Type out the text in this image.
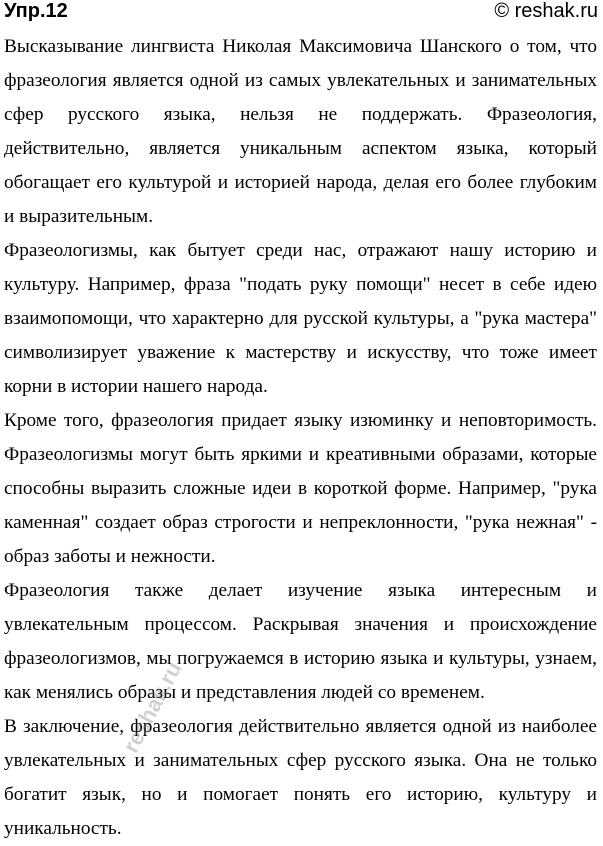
Упр.12	© reshak.ru

Высказывание лингвиста Николая Максимовича Шанского о том, что фразеология является одной из самых увлекательных и занимательных сфер русского языка, нельзя не поддержать. Фразеология, действительно, является уникальным аспектом языка, который обогащает его культурой и историей народа, делая его более глубоким и выразительным.

Фразеологизмы, как бытует среди нас, отражают нашу историю и культуру. Например, фраза "подать руку помощи" несет в себе идею взаимопомощи, что характерно для русской культуры, а "рука мастера" символизирует уважение к мастерству и искусству, что тоже имеет корни в истории нашего народа.

Кроме того, фразеология придает языку изюминку и неповторимость. Фразеологизмы могут быть яркими и креативными образами, которые способны выразить сложные идеи в короткой форме. Например, "рука каменная" создает образ строгости и непреклонности, "рука нежная" - образ заботы и нежности.

Фразеология также делает изучение языка интересным и увлекательным процессом. Раскрывая значения и происхождение фразеологизмов, мы погружаемся в историю языка и культуры, узнаем, как менялись образы и представления людей со временем.

В заключение, фразеология действительно является одной из наиболее увлекательных и занимательных сфер русского языка. Она не только богатит язык, но и помогает понять его историю, культуру и уникальность.

reshak.ru
